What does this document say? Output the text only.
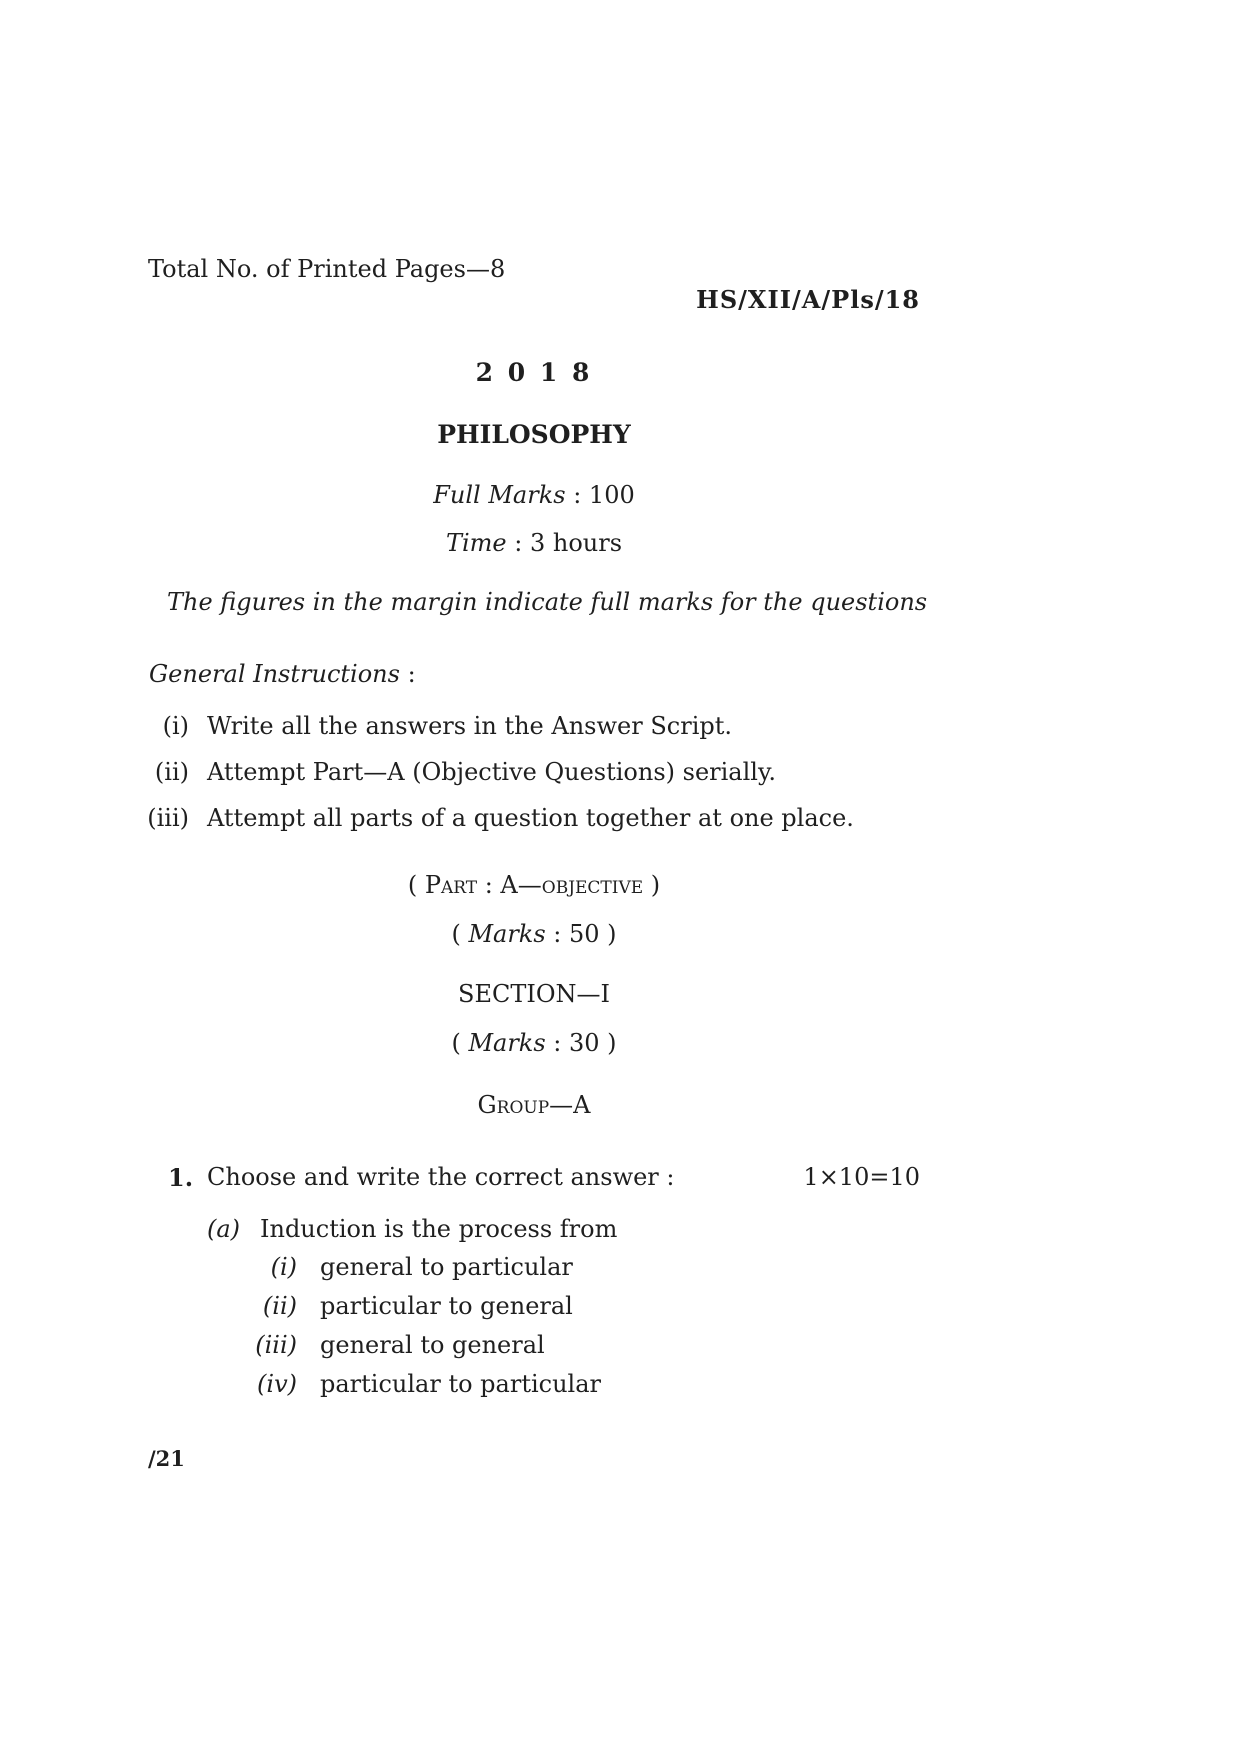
Total No. of Printed Pages—8
HS/XII/A/Pls/18
2 0 1 8
PHILOSOPHY
Full Marks : 100
Time : 3 hours
The figures in the margin indicate full marks for the questions
General Instructions :
(i) Write all the answers in the Answer Script.
(ii) Attempt Part—A (Objective Questions) serially.
(iii) Attempt all parts of a question together at one place.
( Part : A—objective )
( Marks : 50 )
SECTION—I
( Marks : 30 )
Group—A
1. Choose and write the correct answer :	1×10=10
(a) Induction is the process from
(i) general to particular
(ii) particular to general
(iii) general to general
(iv) particular to particular
/21
